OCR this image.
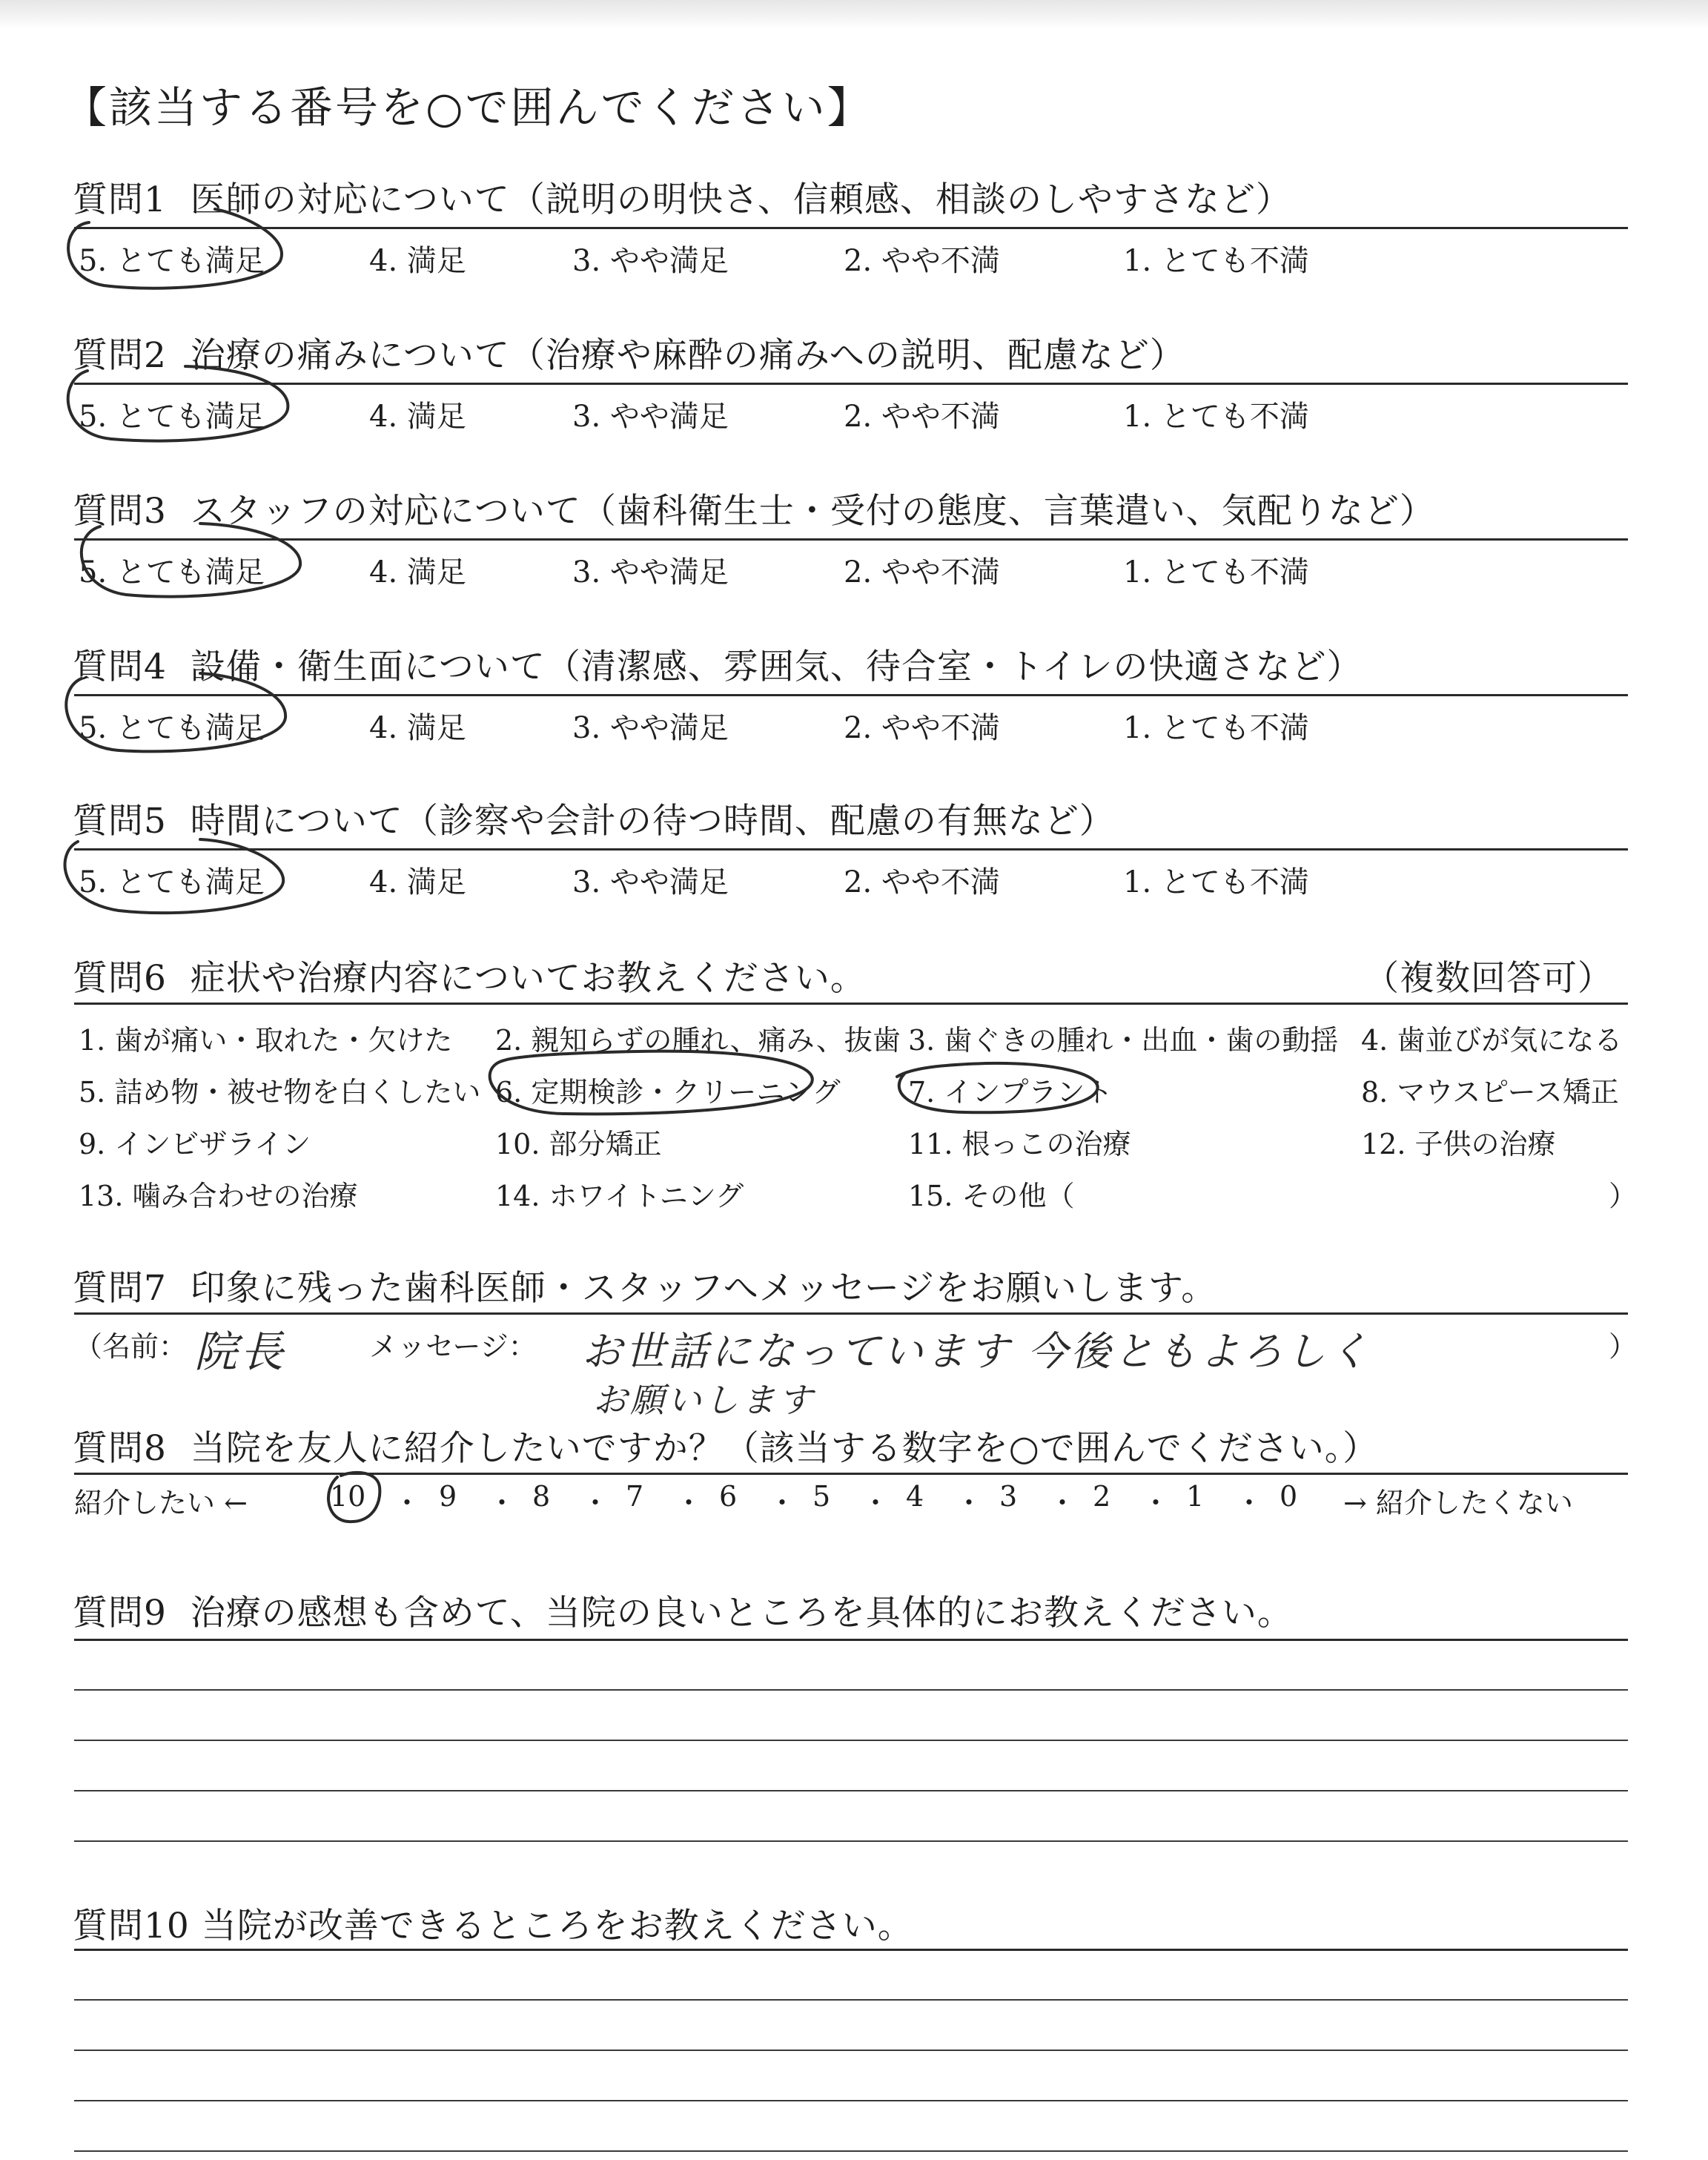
【該当する番号を○で囲んでください】
質問1 医師の対応について（説明の明快さ、信頼感、相談のしやすさなど）
5. とても満足	4. 満足	3. やや満足	2. やや不満	1. とても不満
質問2 治療の痛みについて（治療や麻酔の痛みへの説明、配慮など）
5. とても満足	4. 満足	3. やや満足	2. やや不満	1. とても不満
質問3 スタッフの対応について（歯科衛生士・受付の態度、言葉遣い、気配りなど）
5. とても満足	4. 満足	3. やや満足	2. やや不満	1. とても不満
質問4 設備・衛生面について（清潔感、雰囲気、待合室・トイレの快適さなど）
5. とても満足	4. 満足	3. やや満足	2. やや不満	1. とても不満
質問5 時間について（診察や会計の待つ時間、配慮の有無など）
5. とても満足	4. 満足	3. やや満足	2. やや不満	1. とても不満
質問6 症状や治療内容についてお教えください。	（複数回答可）
1. 歯が痛い・取れた・欠けた 2. 親知らずの腫れ、痛み、抜歯 3. 歯ぐきの腫れ・出血・歯の動揺 4. 歯並びが気になる
5. 詰め物・被せ物を白くしたい 6. 定期検診・クリーニング 7. インプラント	8. マウスピース矯正
9. インビザライン	10. 部分矯正	11. 根っこの治療	12. 子供の治療
13. 噛み合わせの治療	14. ホワイトニング	15. その他（	）
質問7 印象に残った歯科医師・スタッフへメッセージをお願いします。
（名前： 院長	メッセージ： お世話になっています 今後ともよろしく
お願いします
）
質問8 当院を友人に紹介したいですか？（該当する数字を○で囲んでください。）
紹介したい ←	10 ・ 9 ・ 8 ・ 7 ・ 6 ・ 5 ・ 4 ・ 3 ・ 2 ・ 1 ・ 0 → 紹介したくない
質問9 治療の感想も含めて、当院の良いところを具体的にお教えください。
質問10 当院が改善できるところをお教えください。
